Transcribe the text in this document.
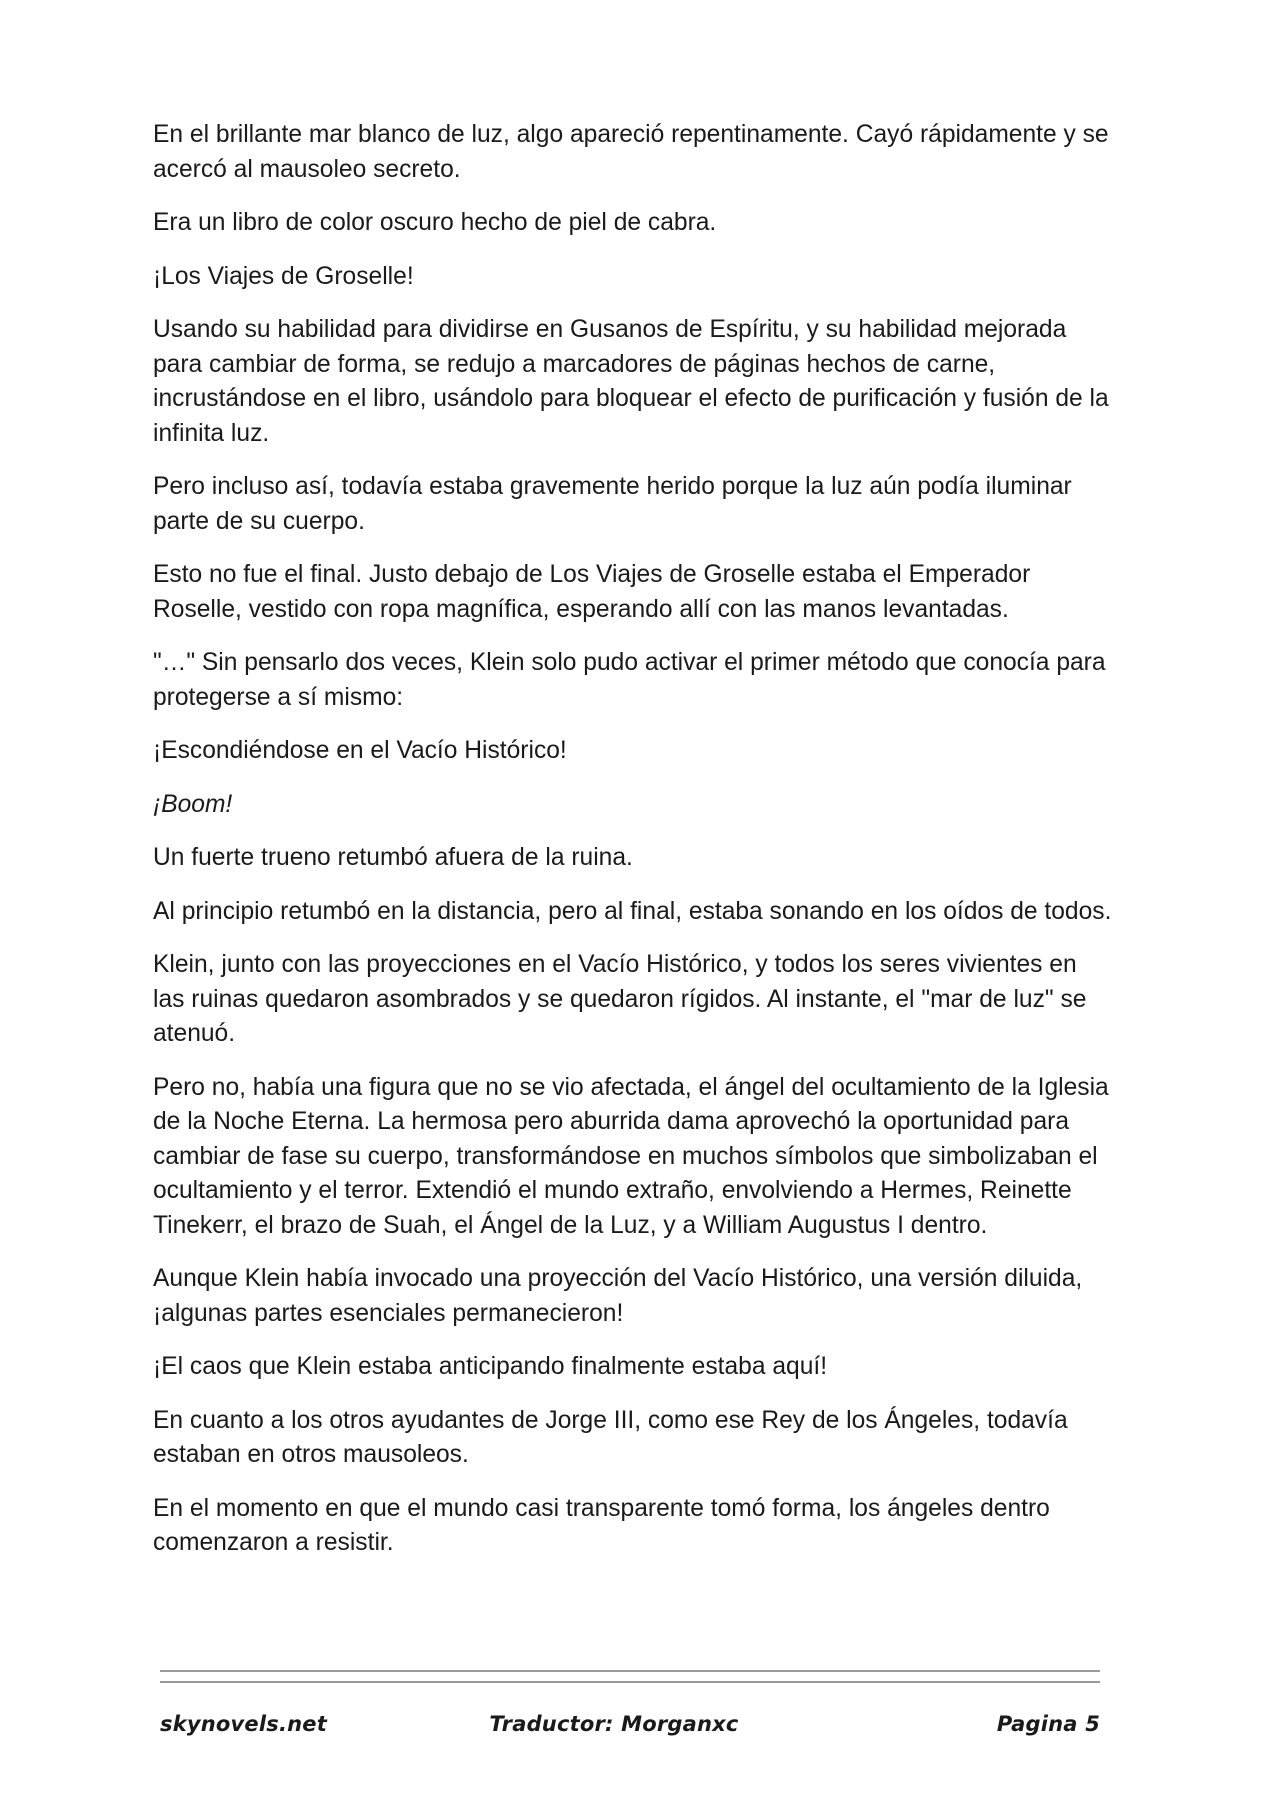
En el brillante mar blanco de luz, algo apareció repentinamente. Cayó rápidamente y se acercó al mausoleo secreto.

Era un libro de color oscuro hecho de piel de cabra.

¡Los Viajes de Groselle!

Usando su habilidad para dividirse en Gusanos de Espíritu, y su habilidad mejorada para cambiar de forma, se redujo a marcadores de páginas hechos de carne, incrustándose en el libro, usándolo para bloquear el efecto de purificación y fusión de la infinita luz.

Pero incluso así, todavía estaba gravemente herido porque la luz aún podía iluminar parte de su cuerpo.

Esto no fue el final. Justo debajo de Los Viajes de Groselle estaba el Emperador Roselle, vestido con ropa magnífica, esperando allí con las manos levantadas.

"…" Sin pensarlo dos veces, Klein solo pudo activar el primer método que conocía para protegerse a sí mismo:

¡Escondiéndose en el Vacío Histórico!

¡Boom!

Un fuerte trueno retumbó afuera de la ruina.

Al principio retumbó en la distancia, pero al final, estaba sonando en los oídos de todos.

Klein, junto con las proyecciones en el Vacío Histórico, y todos los seres vivientes en las ruinas quedaron asombrados y se quedaron rígidos. Al instante, el "mar de luz" se atenuó.

Pero no, había una figura que no se vio afectada, el ángel del ocultamiento de la Iglesia de la Noche Eterna. La hermosa pero aburrida dama aprovechó la oportunidad para cambiar de fase su cuerpo, transformándose en muchos símbolos que simbolizaban el ocultamiento y el terror. Extendió el mundo extraño, envolviendo a Hermes, Reinette Tinekerr, el brazo de Suah, el Ángel de la Luz, y a William Augustus I dentro.

Aunque Klein había invocado una proyección del Vacío Histórico, una versión diluida, ¡algunas partes esenciales permanecieron!

¡El caos que Klein estaba anticipando finalmente estaba aquí!

En cuanto a los otros ayudantes de Jorge III, como ese Rey de los Ángeles, todavía estaban en otros mausoleos.

En el momento en que el mundo casi transparente tomó forma, los ángeles dentro comenzaron a resistir.

skynovels.net	Traductor: Morganxc	Pagina 5
